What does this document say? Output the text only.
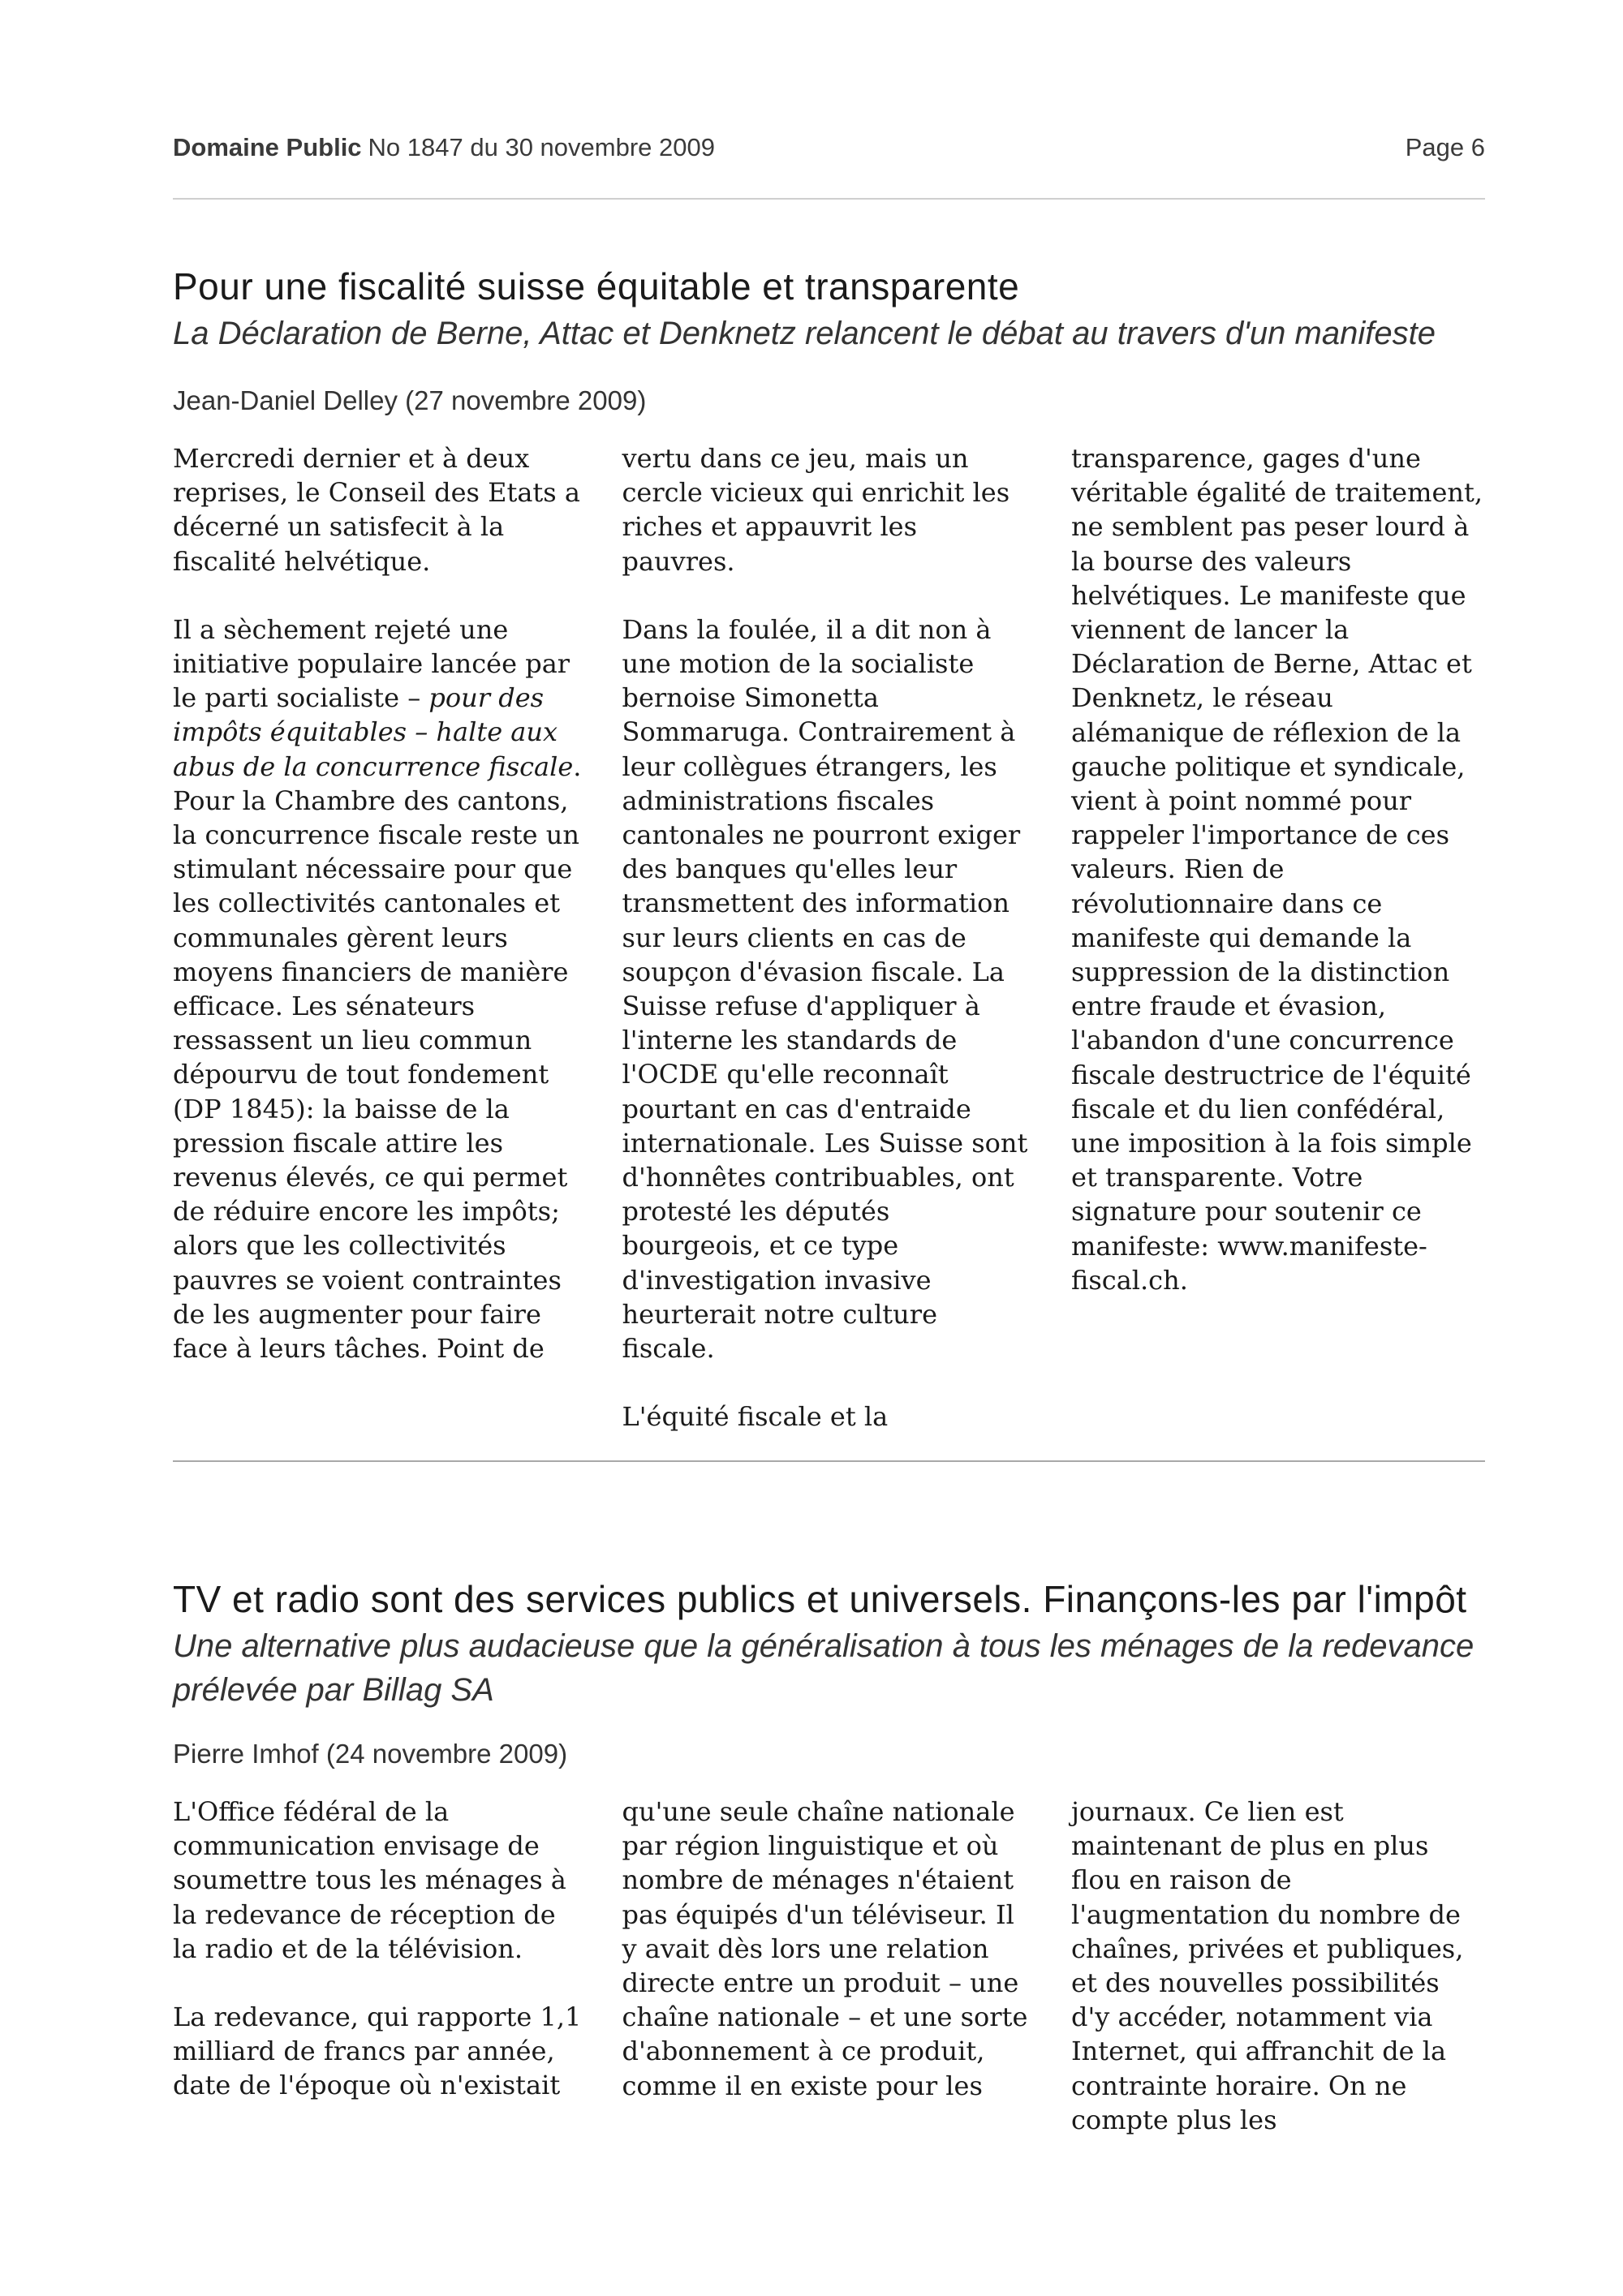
Domaine Public No 1847 du 30 novembre 2009	Page 6
Pour une fiscalité suisse équitable et transparente

La Déclaration de Berne, Attac et Denknetz relancent le débat au travers d'un manifeste

Jean-Daniel Delley (27 novembre 2009)

Mercredi dernier et à deux reprises, le Conseil des Etats a décerné un satisfecit à la fiscalité helvétique.

Il a sèchement rejeté une initiative populaire lancée par le parti socialiste – pour des impôts équitables – halte aux abus de la concurrence fiscale. Pour la Chambre des cantons, la concurrence fiscale reste un stimulant nécessaire pour que les collectivités cantonales et communales gèrent leurs moyens financiers de manière efficace. Les sénateurs ressassent un lieu commun dépourvu de tout fondement (DP 1845): la baisse de la pression fiscale attire les revenus élevés, ce qui permet de réduire encore les impôts; alors que les collectivités pauvres se voient contraintes de les augmenter pour faire face à leurs tâches. Point de

vertu dans ce jeu, mais un cercle vicieux qui enrichit les riches et appauvrit les pauvres.

Dans la foulée, il a dit non à une motion de la socialiste bernoise Simonetta Sommaruga. Contrairement à leur collègues étrangers, les administrations fiscales cantonales ne pourront exiger des banques qu'elles leur transmettent des information sur leurs clients en cas de soupçon d'évasion fiscale. La Suisse refuse d'appliquer à l'interne les standards de l'OCDE qu'elle reconnaît pourtant en cas d'entraide internationale. Les Suisse sont d'honnêtes contribuables, ont protesté les députés bourgeois, et ce type d'investigation invasive heurterait notre culture fiscale.

L'équité fiscale et la

transparence, gages d'une véritable égalité de traitement, ne semblent pas peser lourd à la bourse des valeurs helvétiques. Le manifeste que viennent de lancer la Déclaration de Berne, Attac et Denknetz, le réseau alémanique de réflexion de la gauche politique et syndicale, vient à point nommé pour rappeler l'importance de ces valeurs. Rien de révolutionnaire dans ce manifeste qui demande la suppression de la distinction entre fraude et évasion, l'abandon d'une concurrence fiscale destructrice de l'équité fiscale et du lien confédéral, une imposition à la fois simple et transparente. Votre signature pour soutenir ce manifeste: www.manifeste-fiscal.ch.

TV et radio sont des services publics et universels. Finançons-les par l'impôt

Une alternative plus audacieuse que la généralisation à tous les ménages de la redevance prélevée par Billag SA

Pierre Imhof (24 novembre 2009)

L'Office fédéral de la communication envisage de soumettre tous les ménages à la redevance de réception de la radio et de la télévision.

La redevance, qui rapporte 1,1 milliard de francs par année, date de l'époque où n'existait

qu'une seule chaîne nationale par région linguistique et où nombre de ménages n'étaient pas équipés d'un téléviseur. Il y avait dès lors une relation directe entre un produit – une chaîne nationale – et une sorte d'abonnement à ce produit, comme il en existe pour les

journaux. Ce lien est maintenant de plus en plus flou en raison de l'augmentation du nombre de chaînes, privées et publiques, et des nouvelles possibilités d'y accéder, notamment via Internet, qui affranchit de la contrainte horaire. On ne compte plus les
